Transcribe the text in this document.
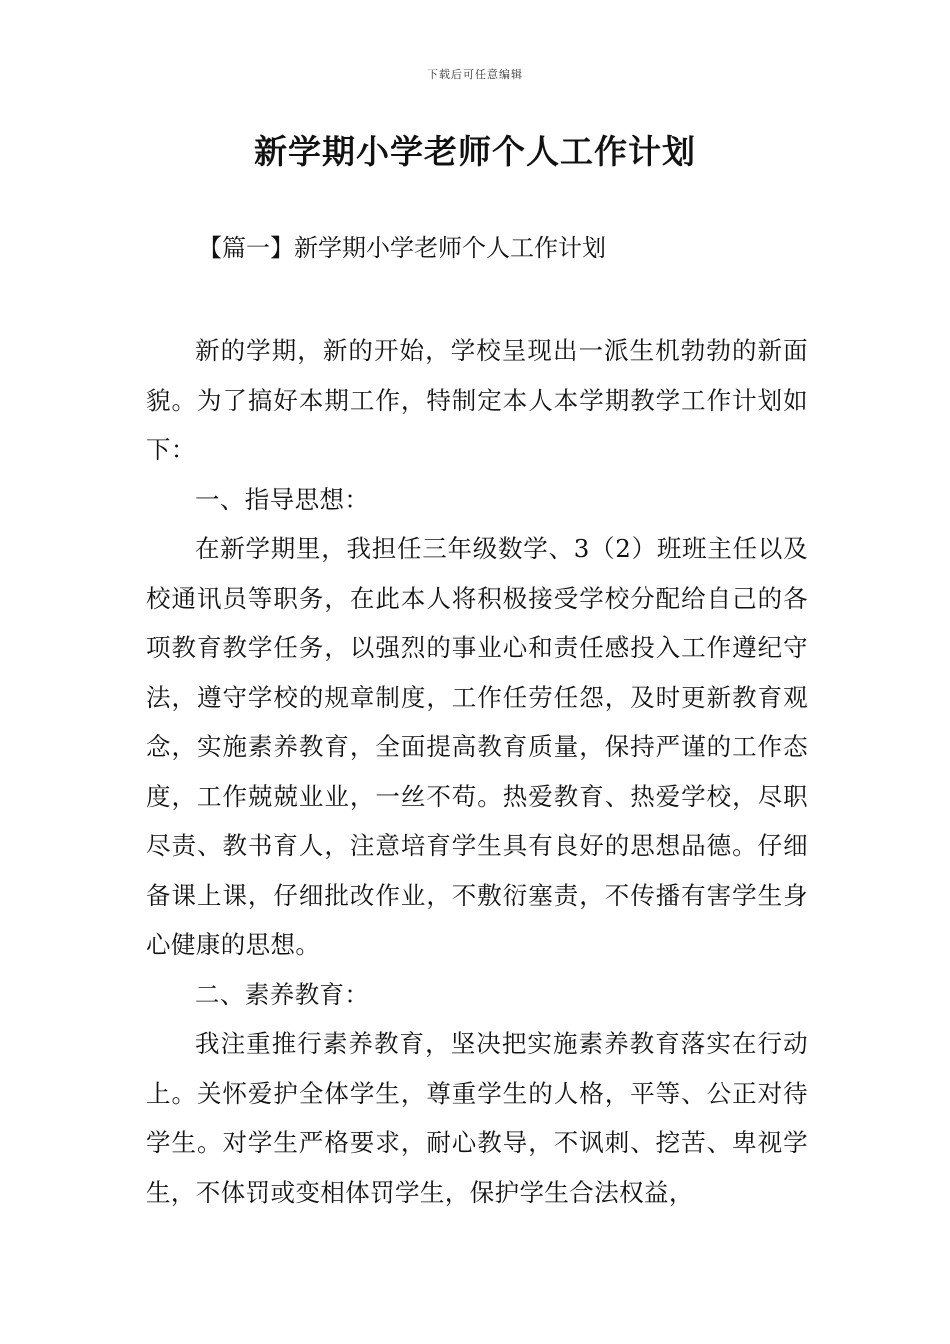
下载后可任意编辑
新学期小学老师个人工作计划
【篇一】新学期小学老师个人工作计划

新的学期，新的开始，学校呈现出一派生机勃勃的新面貌。为了搞好本期工作，特制定本人本学期教学工作计划如下：

一、指导思想：

在新学期里，我担任三年级数学、3（2）班班主任以及校通讯员等职务，在此本人将积极接受学校分配给自己的各项教育教学任务，以强烈的事业心和责任感投入工作遵纪守法，遵守学校的规章制度，工作任劳任怨，及时更新教育观念，实施素养教育，全面提高教育质量，保持严谨的工作态度，工作兢兢业业，一丝不苟。热爱教育、热爱学校，尽职尽责、教书育人，注意培育学生具有良好的思想品德。仔细备课上课，仔细批改作业，不敷衍塞责，不传播有害学生身心健康的思想。

二、素养教育：

我注重推行素养教育，坚决把实施素养教育落实在行动上。关怀爱护全体学生，尊重学生的人格，平等、公正对待学生。对学生严格要求，耐心教导，不讽刺、挖苦、卑视学生，不体罚或变相体罚学生，保护学生合法权益，
